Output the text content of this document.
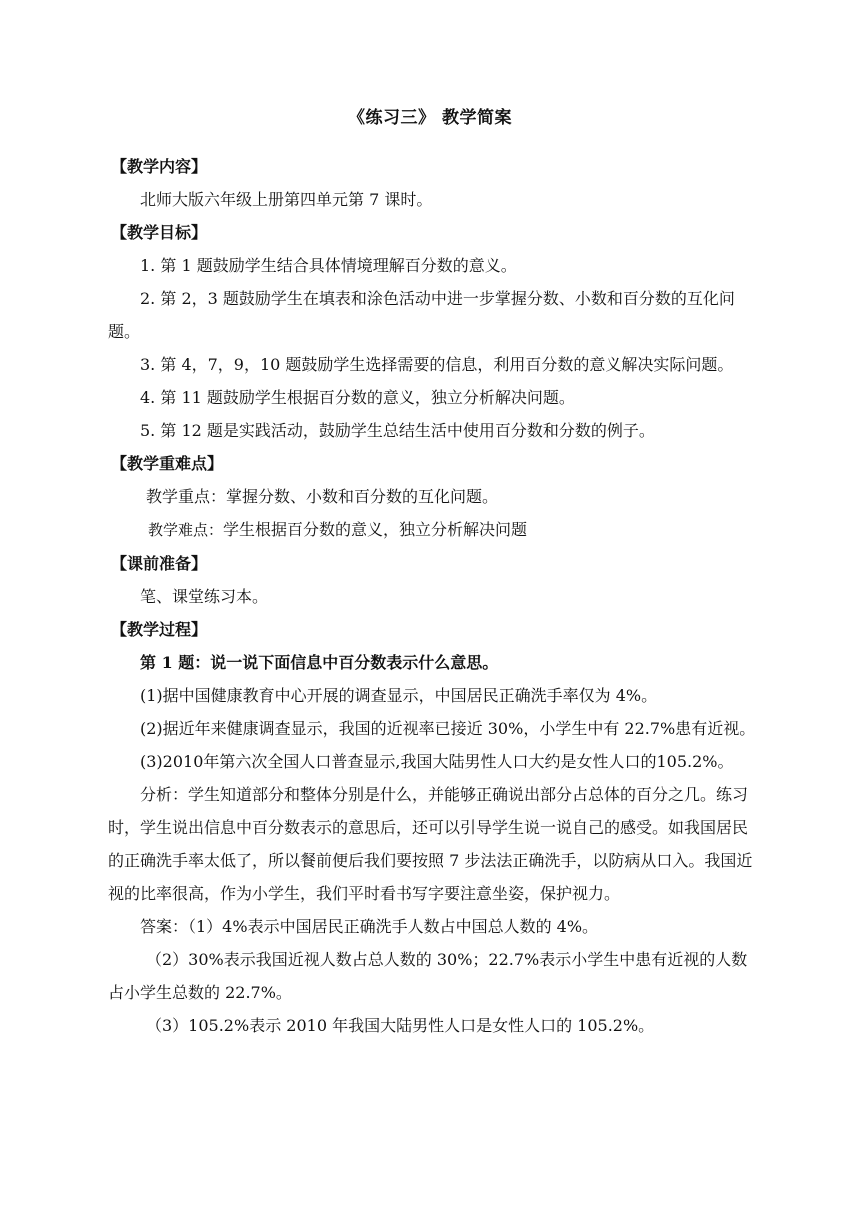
《练习三》 教学简案
【教学内容】
北师大版六年级上册第四单元第 7 课时。
【教学目标】
1. 第 1 题鼓励学生结合具体情境理解百分数的意义。
2. 第 2，3 题鼓励学生在填表和涂色活动中进一步掌握分数、小数和百分数的互化问题。
3. 第 4，7，9，10 题鼓励学生选择需要的信息，利用百分数的意义解决实际问题。
4. 第 11 题鼓励学生根据百分数的意义，独立分析解决问题。
5. 第 12 题是实践活动，鼓励学生总结生活中使用百分数和分数的例子。
【教学重难点】
教学重点：掌握分数、小数和百分数的互化问题。
教学难点：学生根据百分数的意义，独立分析解决问题
【课前准备】
笔、课堂练习本。
【教学过程】
第 1 题：说一说下面信息中百分数表示什么意思。
(1)据中国健康教育中心开展的调查显示，中国居民正确洗手率仅为 4%。
(2)据近年来健康调查显示，我国的近视率已接近 30%，小学生中有 22.7%患有近视。
(3)2010年第六次全国人口普查显示,我国大陆男性人口大约是女性人口的105.2%。
分析：学生知道部分和整体分别是什么，并能够正确说出部分占总体的百分之几。练习时，学生说出信息中百分数表示的意思后，还可以引导学生说一说自己的感受。如我国居民的正确洗手率太低了，所以餐前便后我们要按照 7 步法法正确洗手，以防病从口入。我国近视的比率很高，作为小学生，我们平时看书写字要注意坐姿，保护视力。
答案：（1）4%表示中国居民正确洗手人数占中国总人数的 4%。
（2）30%表示我国近视人数占总人数的 30%；22.7%表示小学生中患有近视的人数占小学生总数的 22.7%。
（3）105.2%表示 2010 年我国大陆男性人口是女性人口的 105.2%。
